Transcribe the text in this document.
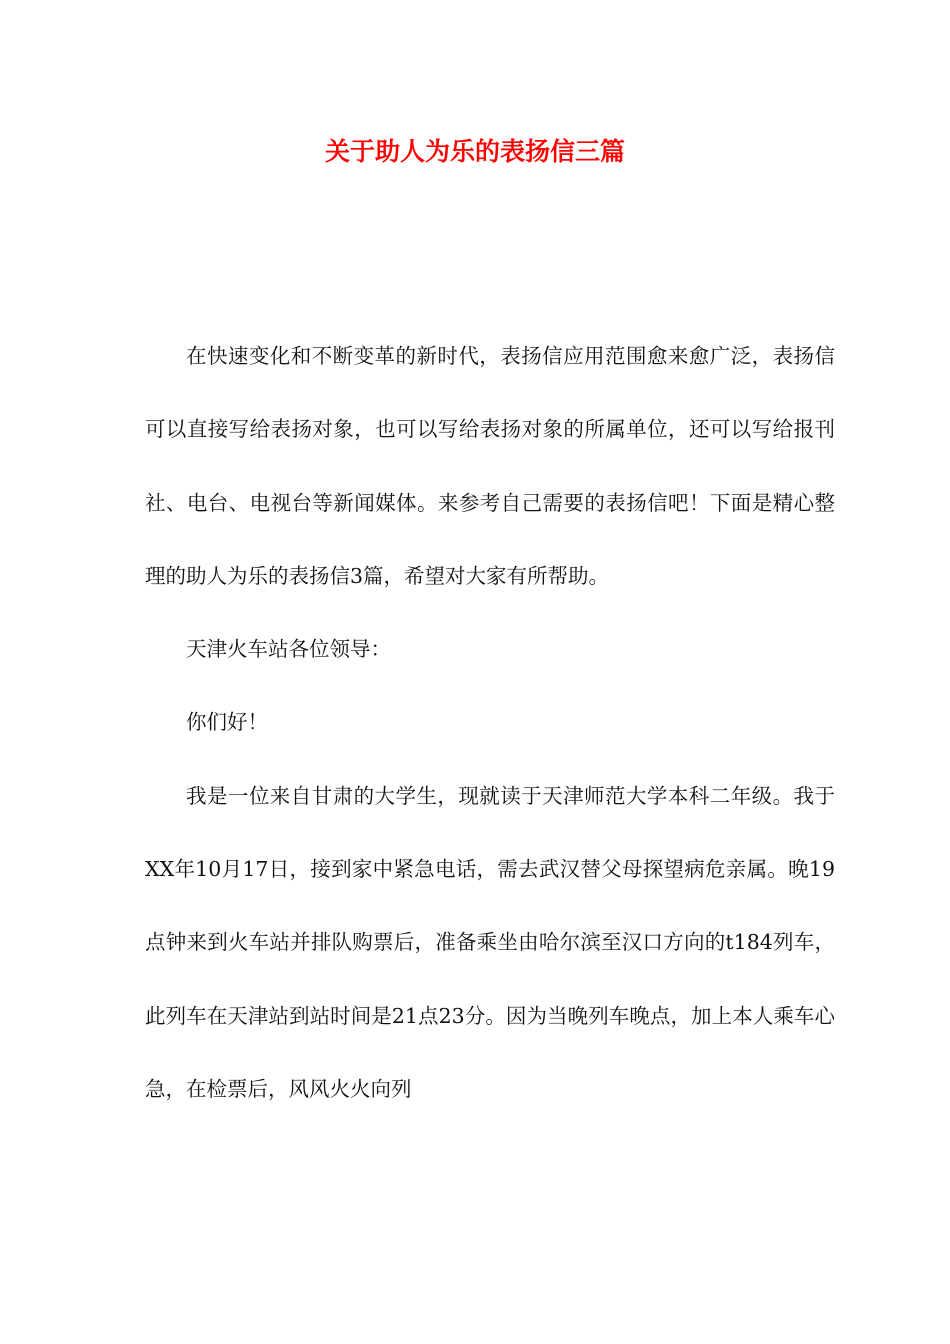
关于助人为乐的表扬信三篇

在快速变化和不断变革的新时代，表扬信应用范围愈来愈广泛，表扬信可以直接写给表扬对象，也可以写给表扬对象的所属单位，还可以写给报刊社、电台、电视台等新闻媒体。来参考自己需要的表扬信吧！下面是精心整理的助人为乐的表扬信3篇，希望对大家有所帮助。

天津火车站各位领导：

你们好！

我是一位来自甘肃的大学生，现就读于天津师范大学本科二年级。我于XX年10月17日，接到家中紧急电话，需去武汉替父母探望病危亲属。晚19点钟来到火车站并排队购票后，准备乘坐由哈尔滨至汉口方向的t184列车，此列车在天津站到站时间是21点23分。因为当晚列车晚点，加上本人乘车心急，在检票后，风风火火向列
